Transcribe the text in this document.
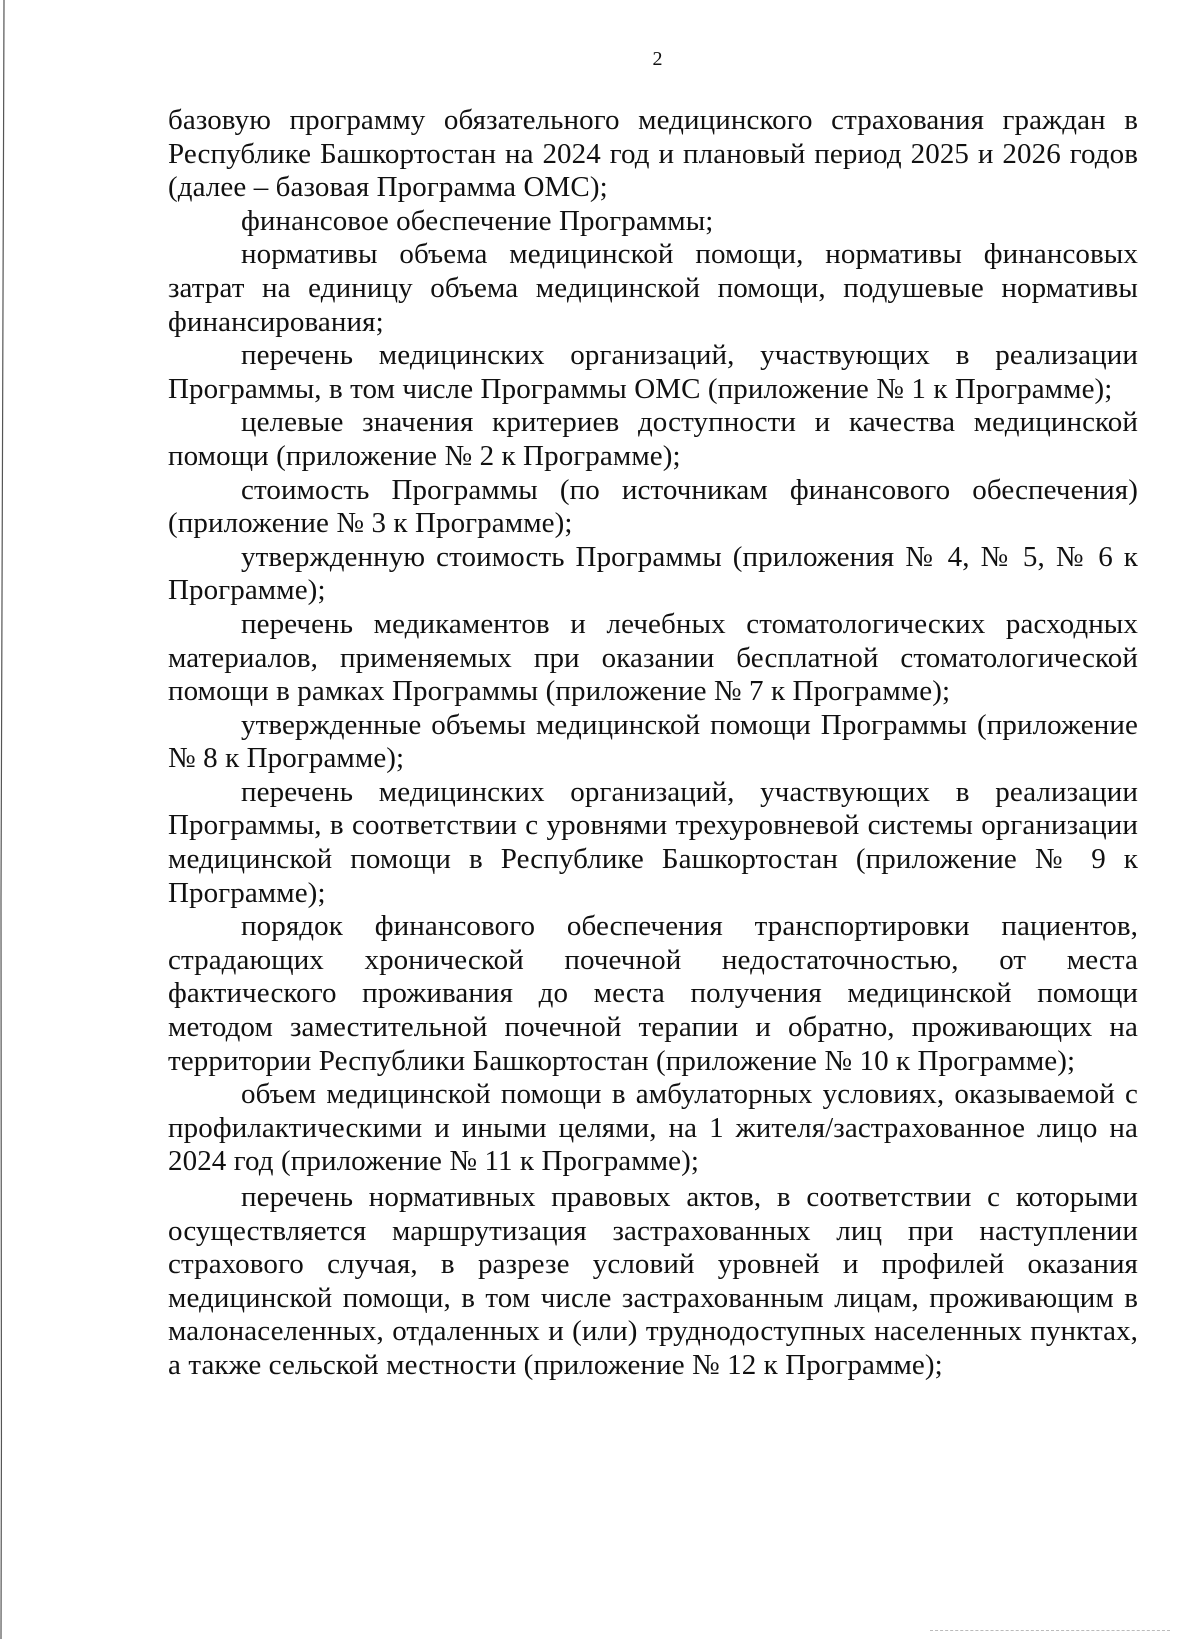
2

базовую программу обязательного медицинского страхования граждан в Республике Башкортостан на 2024 год и плановый период 2025 и 2026 годов (далее – базовая Программа ОМС);

финансовое обеспечение Программы;

нормативы объема медицинской помощи, нормативы финансовых затрат на единицу объема медицинской помощи, подушевые нормативы финансирования;

перечень медицинских организаций, участвующих в реализации Программы, в том числе Программы ОМС (приложение № 1 к Программе);

целевые значения критериев доступности и качества медицинской помощи (приложение № 2 к Программе);

стоимость Программы (по источникам финансового обеспечения) (приложение № 3 к Программе);

утвержденную стоимость Программы (приложения № 4, № 5, № 6 к Программе);

перечень медикаментов и лечебных стоматологических расходных материалов, применяемых при оказании бесплатной стоматологической помощи в рамках Программы (приложение № 7 к Программе);

утвержденные объемы медицинской помощи Программы (приложение № 8 к Программе);

перечень медицинских организаций, участвующих в реализации Программы, в соответствии с уровнями трехуровневой системы организации медицинской помощи в Республике Башкортостан (приложение № 9 к Программе);

порядок финансового обеспечения транспортировки пациентов, страдающих хронической почечной недостаточностью, от места фактического проживания до места получения медицинской помощи методом заместительной почечной терапии и обратно, проживающих на территории Республики Башкортостан (приложение № 10 к Программе);

объем медицинской помощи в амбулаторных условиях, оказываемой с профилактическими и иными целями, на 1 жителя/застрахованное лицо на 2024 год (приложение № 11 к Программе);

перечень нормативных правовых актов, в соответствии с которыми осуществляется маршрутизация застрахованных лиц при наступлении страхового случая, в разрезе условий уровней и профилей оказания медицинской помощи, в том числе застрахованным лицам, проживающим в малонаселенных, отдаленных и (или) труднодоступных населенных пунктах, а также сельской местности (приложение № 12 к Программе);
